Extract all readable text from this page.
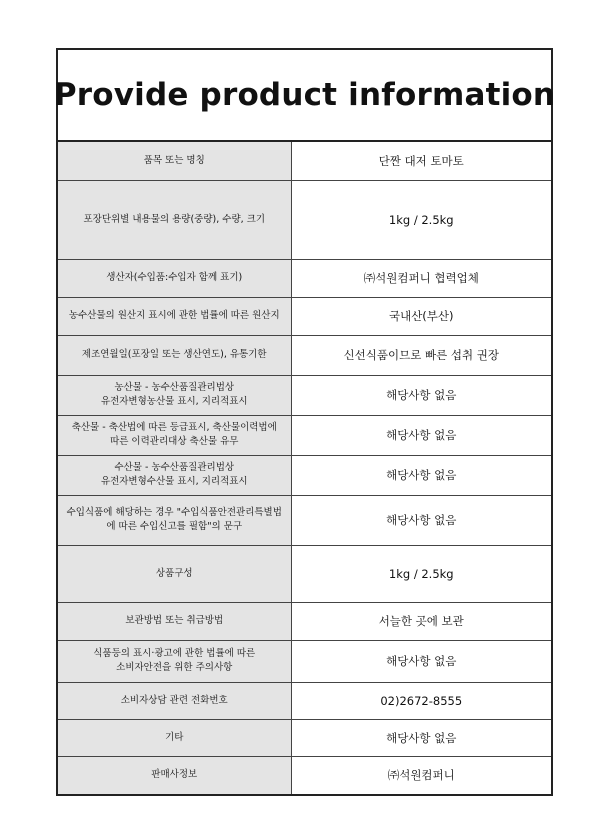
Provide product information
품목 또는 명칭	단짠 대저 토마토

포장단위별 내용물의 용량(중량), 수량, 크기	1kg / 2.5kg

생산자(수입품:수입자 함께 표기)	㈜석원컴퍼니 협력업체

농수산물의 원산지 표시에 관한 법률에 따른 원산지	국내산(부산)

제조연월일(포장일 또는 생산연도), 유통기한	신선식품이므로 빠른 섭취 권장

농산물 - 농수산품질관리법상
유전자변형농산물 표시, 지리적표시	해당사항 없음

축산물 - 축산법에 따른 등급표시, 축산물이력법에
따른 이력관리대상 축산물 유무	해당사항 없음

수산물 - 농수산품질관리법상
유전자변형수산물 표시, 지리적표시	해당사항 없음

수입식품에 해당하는 경우 "수입식품안전관리특별법
에 따른 수입신고를 필함"의 문구	해당사항 없음

상품구성	1kg / 2.5kg

보관방법 또는 취급방법	서늘한 곳에 보관

식품등의 표시·광고에 관한 법률에 따른
소비자안전을 위한 주의사항	해당사항 없음

소비자상담 관련 전화번호	02)2672-8555

기타	해당사항 없음

판매사정보	㈜석원컴퍼니
